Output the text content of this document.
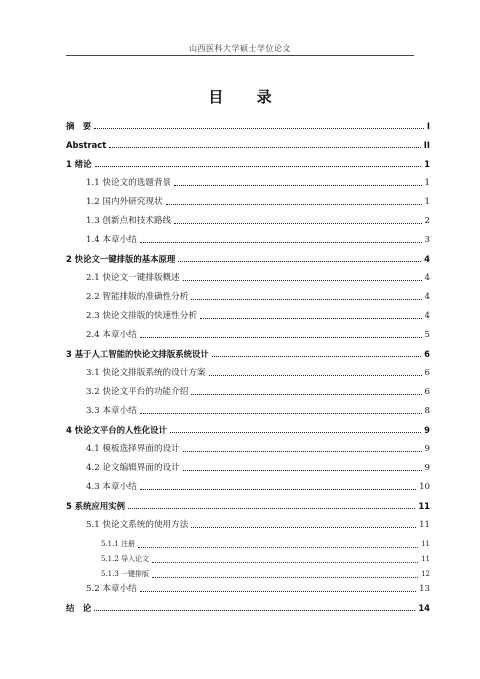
山西医科大学硕士学位论文
目 录
摘　要	I
Abstract	II
1 绪论	1
1.1 快论文的选题背景	1
1.2 国内外研究现状	1
1.3 创新点和技术路线	2
1.4 本章小结	3
2 快论文一键排版的基本原理	4
2.1 快论文一键排版概述	4
2.2 智能排版的准确性分析	4
2.3 快论文排版的快速性分析	4
2.4 本章小结	5
3 基于人工智能的快论文排版系统设计	6
3.1 快论文排版系统的设计方案	6
3.2 快论文平台的功能介绍	6
3.3 本章小结	8
4 快论文平台的人性化设计	9
4.1 模板选择界面的设计	9
4.2 论文编辑界面的设计	9
4.3 本章小结	10
5 系统应用实例	11
5.1 快论文系统的使用方法	11
5.1.1 注册	11
5.1.2 导入论文	11
5.1.3 一键排版	12
5.2 本章小结	13
结　论	14
